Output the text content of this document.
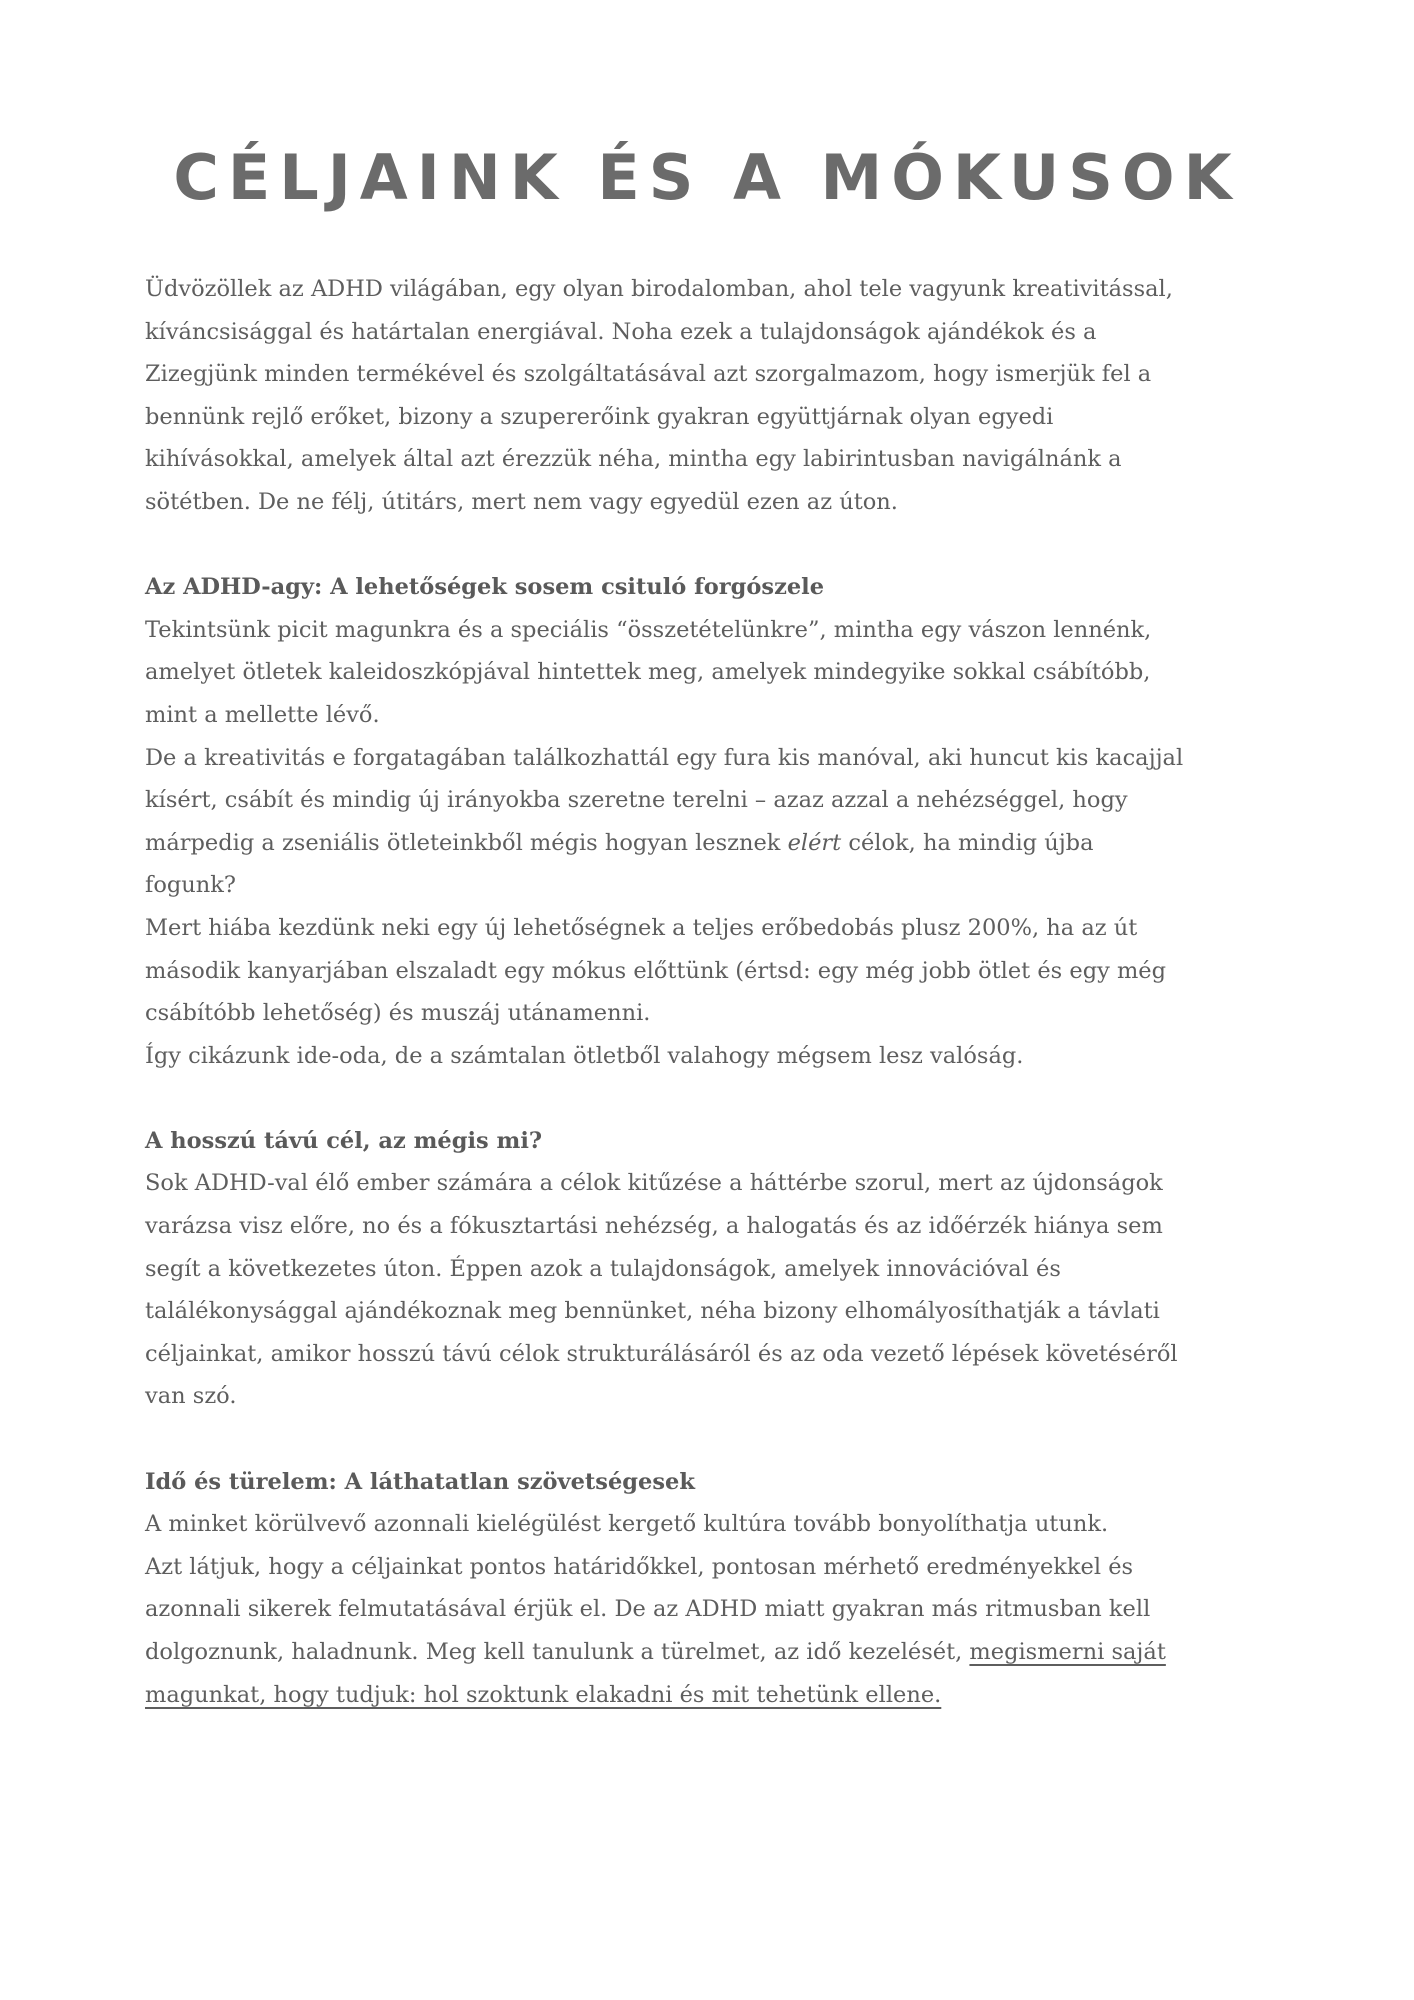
CÉLJAINK ÉS A MÓKUSOK
Üdvözöllek az ADHD világában, egy olyan birodalomban, ahol tele vagyunk kreativitással,
kíváncsisággal és határtalan energiával. Noha ezek a tulajdonságok ajándékok és a
Zizegjünk minden termékével és szolgáltatásával azt szorgalmazom, hogy ismerjük fel a
bennünk rejlő erőket, bizony a szupererőink gyakran együttjárnak olyan egyedi
kihívásokkal, amelyek által azt érezzük néha, mintha egy labirintusban navigálnánk a
sötétben. De ne félj, útitárs, mert nem vagy egyedül ezen az úton.
Az ADHD-agy: A lehetőségek sosem csituló forgószele
Tekintsünk picit magunkra és a speciális “összetételünkre”, mintha egy vászon lennénk,
amelyet ötletek kaleidoszkópjával hintettek meg, amelyek mindegyike sokkal csábítóbb,
mint a mellette lévő.
De a kreativitás e forgatagában találkozhattál egy fura kis manóval, aki huncut kis kacajjal
kísért, csábít és mindig új irányokba szeretne terelni – azaz azzal a nehézséggel, hogy
márpedig a zseniális ötleteinkből mégis hogyan lesznek elért célok, ha mindig újba
fogunk?
Mert hiába kezdünk neki egy új lehetőségnek a teljes erőbedobás plusz 200%, ha az út
második kanyarjában elszaladt egy mókus előttünk (értsd: egy még jobb ötlet és egy még
csábítóbb lehetőség) és muszáj utánamenni.
Így cikázunk ide-oda, de a számtalan ötletből valahogy mégsem lesz valóság.
A hosszú távú cél, az mégis mi?
Sok ADHD-val élő ember számára a célok kitűzése a háttérbe szorul, mert az újdonságok
varázsa visz előre, no és a fókusztartási nehézség, a halogatás és az időérzék hiánya sem
segít a következetes úton. Éppen azok a tulajdonságok, amelyek innovációval és
találékonysággal ajándékoznak meg bennünket, néha bizony elhomályosíthatják a távlati
céljainkat, amikor hosszú távú célok strukturálásáról és az oda vezető lépések követéséről
van szó.
Idő és türelem: A láthatatlan szövetségesek
A minket körülvevő azonnali kielégülést kergető kultúra tovább bonyolíthatja utunk.
Azt látjuk, hogy a céljainkat pontos határidőkkel, pontosan mérhető eredményekkel és
azonnali sikerek felmutatásával érjük el. De az ADHD miatt gyakran más ritmusban kell
dolgoznunk, haladnunk. Meg kell tanulunk a türelmet, az idő kezelését, megismerni saját
magunkat, hogy tudjuk: hol szoktunk elakadni és mit tehetünk ellene.
